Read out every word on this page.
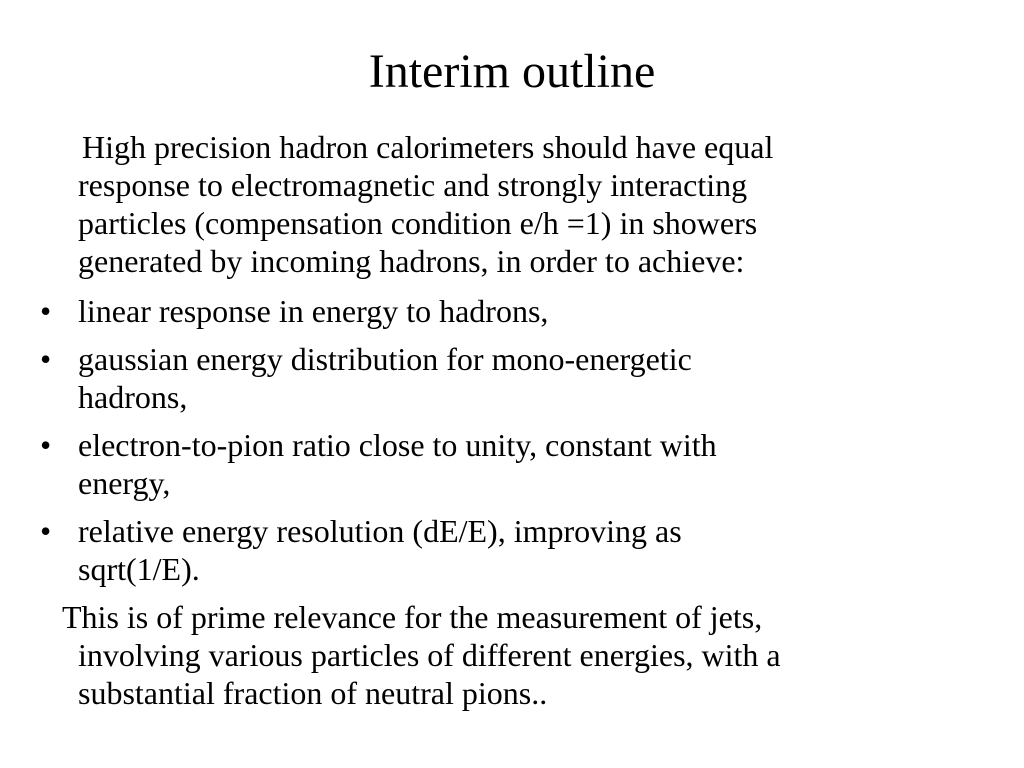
Interim outline

High precision hadron calorimeters should have equal
response to electromagnetic and strongly interacting
particles (compensation condition e/h =1) in showers
generated by incoming hadrons, in order to achieve:

• linear response in energy to hadrons,
• gaussian energy distribution for mono-energetic
hadrons,
• electron-to-pion ratio close to unity, constant with
energy,
• relative energy resolution (dE/E), improving as
sqrt(1/E).

This is of prime relevance for the measurement of jets,
involving various particles of different energies, with a
substantial fraction of neutral pions..
